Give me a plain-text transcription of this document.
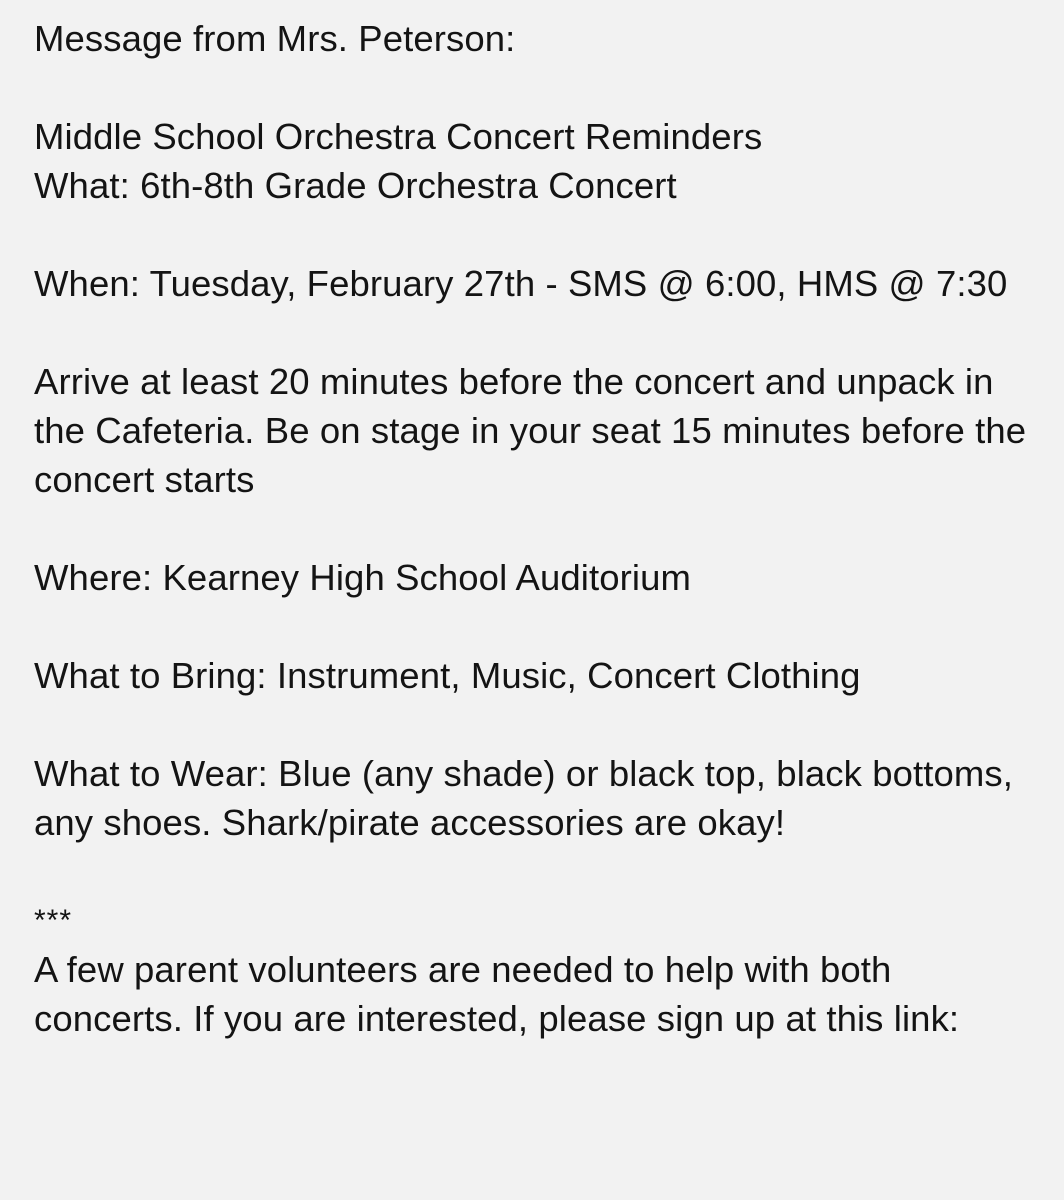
Message from Mrs. Peterson:

Middle School Orchestra Concert Reminders

What: 6th-8th Grade Orchestra Concert

When: Tuesday, February 27th - SMS @ 6:00, HMS @ 7:30

Arrive at least 20 minutes before the concert and unpack in the Cafeteria. Be on stage in your seat 15 minutes before the concert starts

Where: Kearney High School Auditorium

What to Bring: Instrument, Music, Concert Clothing

What to Wear: Blue (any shade) or black top, black bottoms, any shoes. Shark/pirate accessories are okay!

***

A few parent volunteers are needed to help with both concerts. If you are interested, please sign up at this link:
